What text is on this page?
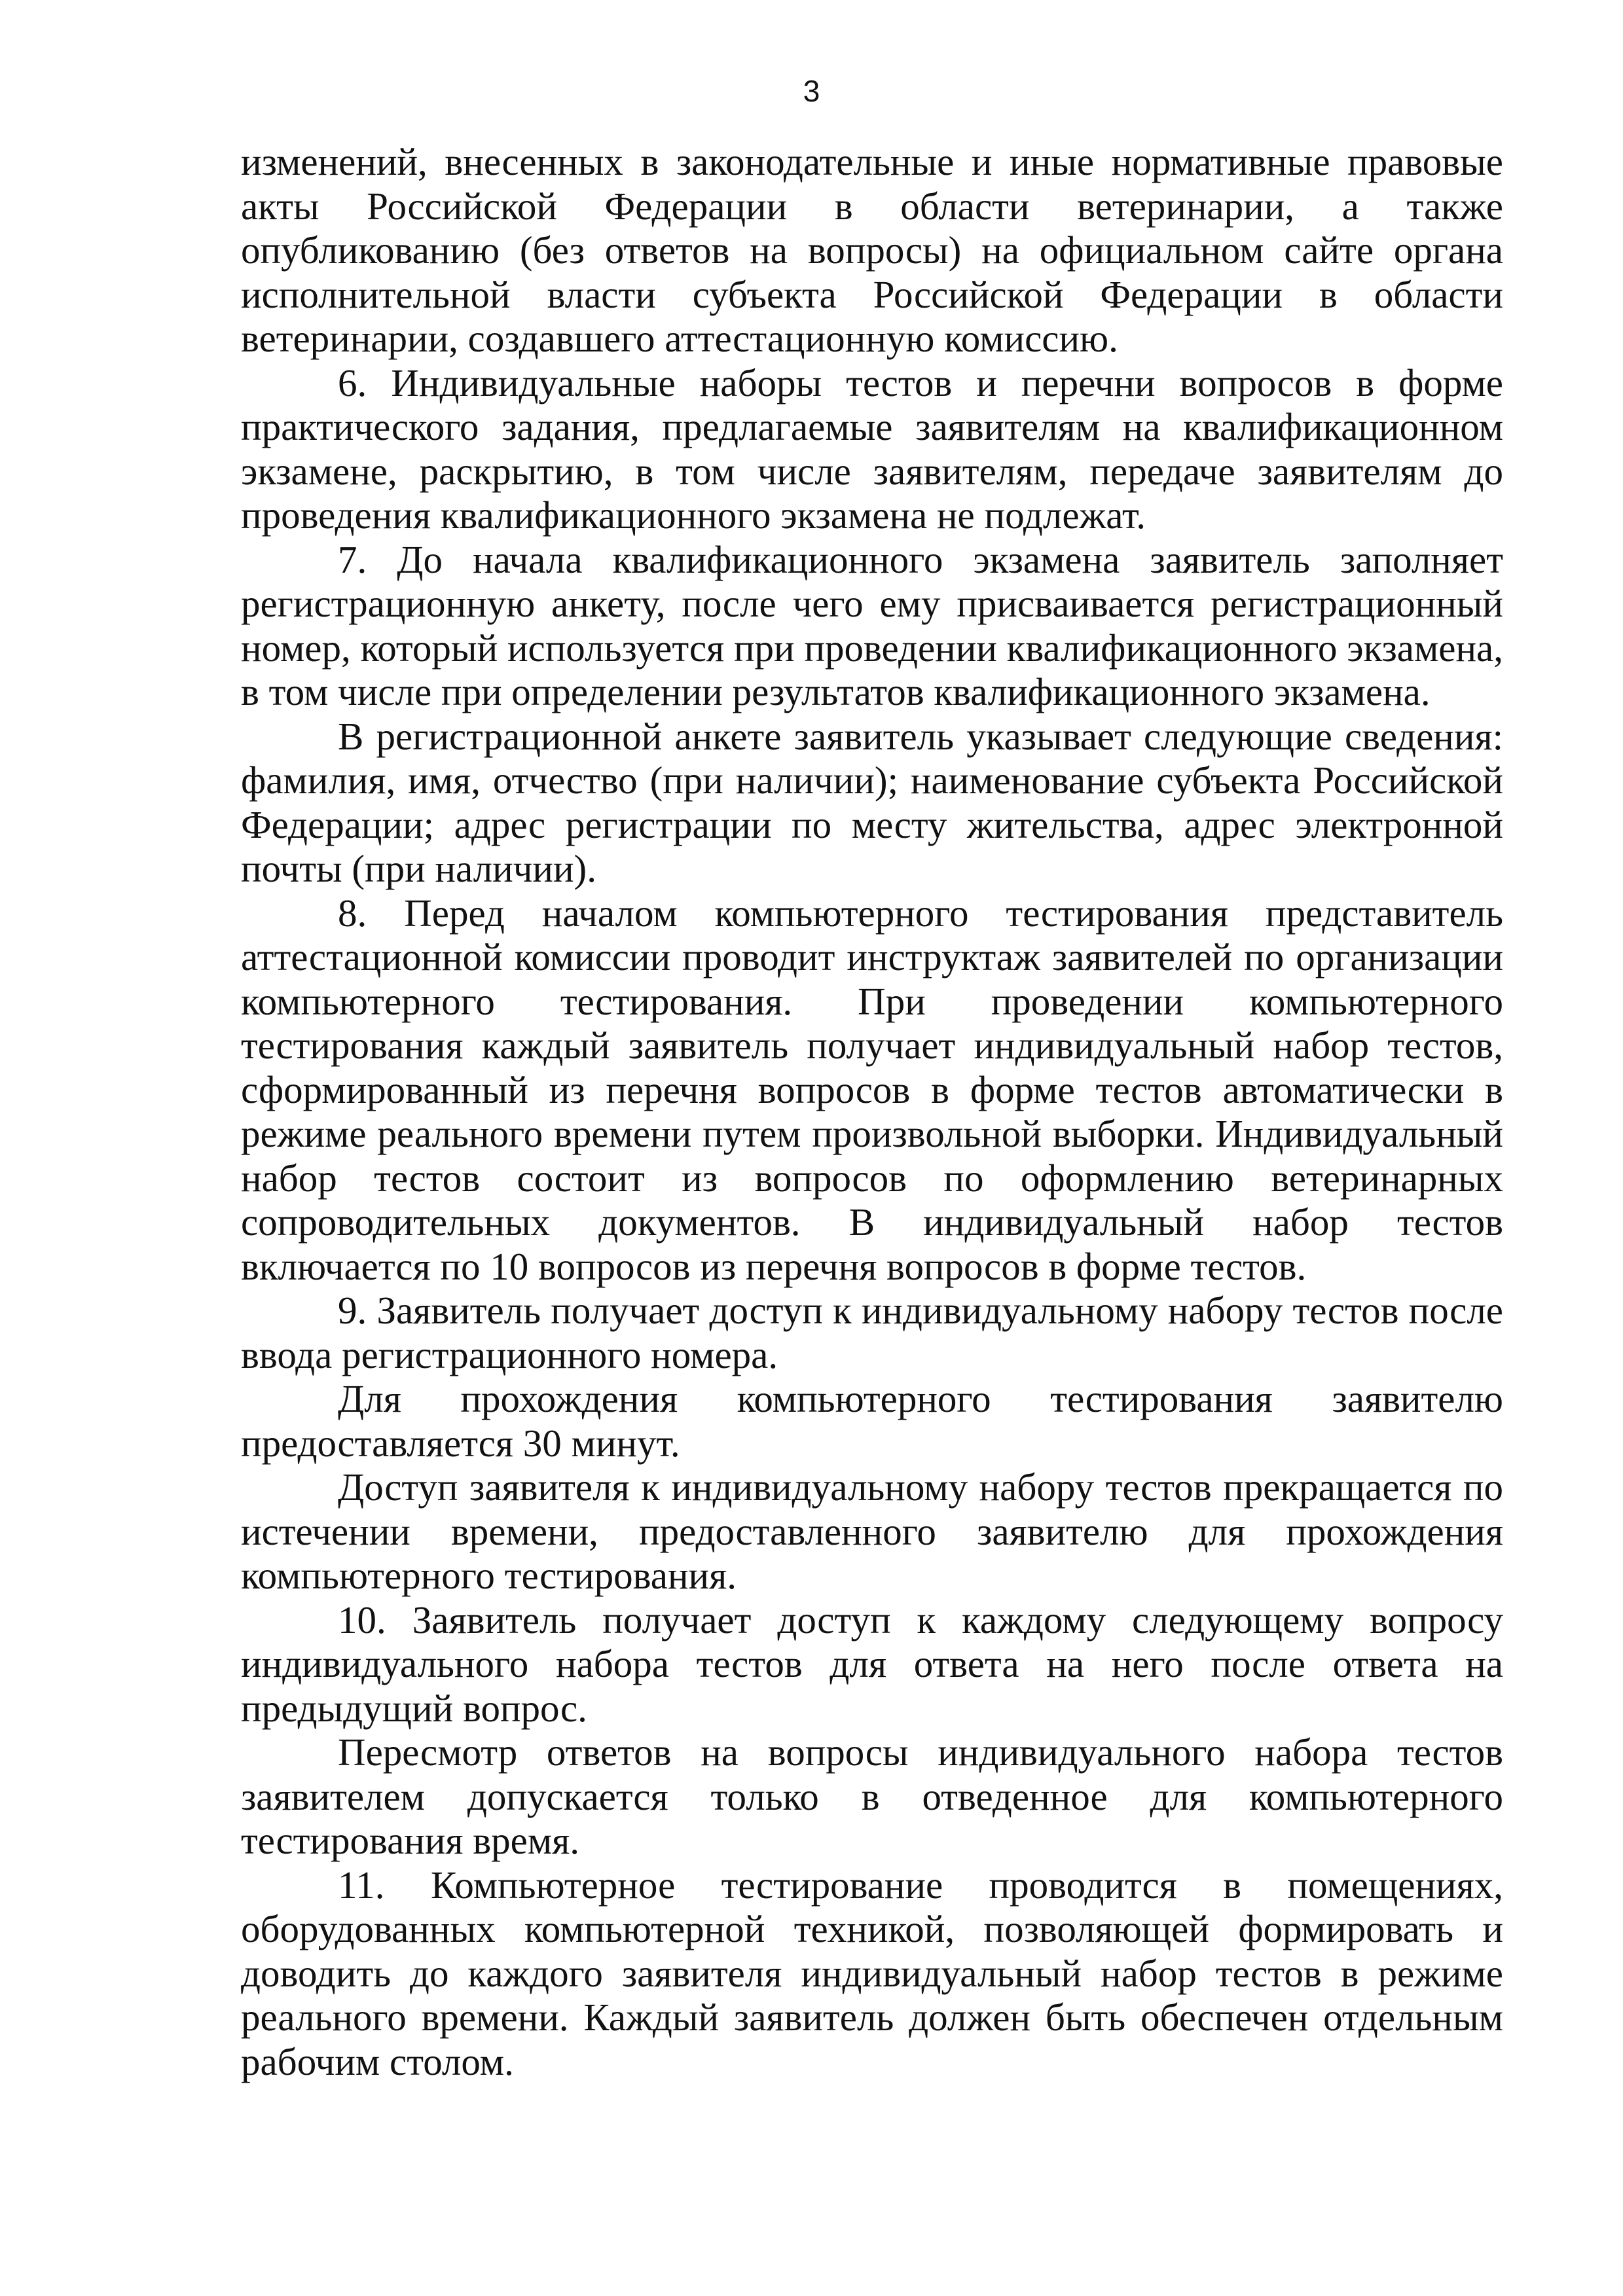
3

изменений, внесенных в законодательные и иные нормативные правовые акты Российской Федерации в области ветеринарии, а также опубликованию (без ответов на вопросы) на официальном сайте органа исполнительной власти субъекта Российской Федерации в области ветеринарии, создавшего аттестационную комиссию.

6. Индивидуальные наборы тестов и перечни вопросов в форме практического задания, предлагаемые заявителям на квалификационном экзамене, раскрытию, в том числе заявителям, передаче заявителям до проведения квалификационного экзамена не подлежат.

7. До начала квалификационного экзамена заявитель заполняет регистрационную анкету, после чего ему присваивается регистрационный номер, который используется при проведении квалификационного экзамена, в том числе при определении результатов квалификационного экзамена.

В регистрационной анкете заявитель указывает следующие сведения: фамилия, имя, отчество (при наличии); наименование субъекта Российской Федерации; адрес регистрации по месту жительства, адрес электронной почты (при наличии).

8. Перед началом компьютерного тестирования представитель аттестационной комиссии проводит инструктаж заявителей по организации компьютерного тестирования. При проведении компьютерного тестирования каждый заявитель получает индивидуальный набор тестов, сформированный из перечня вопросов в форме тестов автоматически в режиме реального времени путем произвольной выборки. Индивидуальный набор тестов состоит из вопросов по оформлению ветеринарных сопроводительных документов. В индивидуальный набор тестов включается по 10 вопросов из перечня вопросов в форме тестов.

9. Заявитель получает доступ к индивидуальному набору тестов после ввода регистрационного номера.

Для прохождения компьютерного тестирования заявителю предоставляется 30 минут.

Доступ заявителя к индивидуальному набору тестов прекращается по истечении времени, предоставленного заявителю для прохождения компьютерного тестирования.

10. Заявитель получает доступ к каждому следующему вопросу индивидуального набора тестов для ответа на него после ответа на предыдущий вопрос.

Пересмотр ответов на вопросы индивидуального набора тестов заявителем допускается только в отведенное для компьютерного тестирования время.

11. Компьютерное тестирование проводится в помещениях, оборудованных компьютерной техникой, позволяющей формировать и доводить до каждого заявителя индивидуальный набор тестов в режиме реального времени. Каждый заявитель должен быть обеспечен отдельным рабочим столом.
